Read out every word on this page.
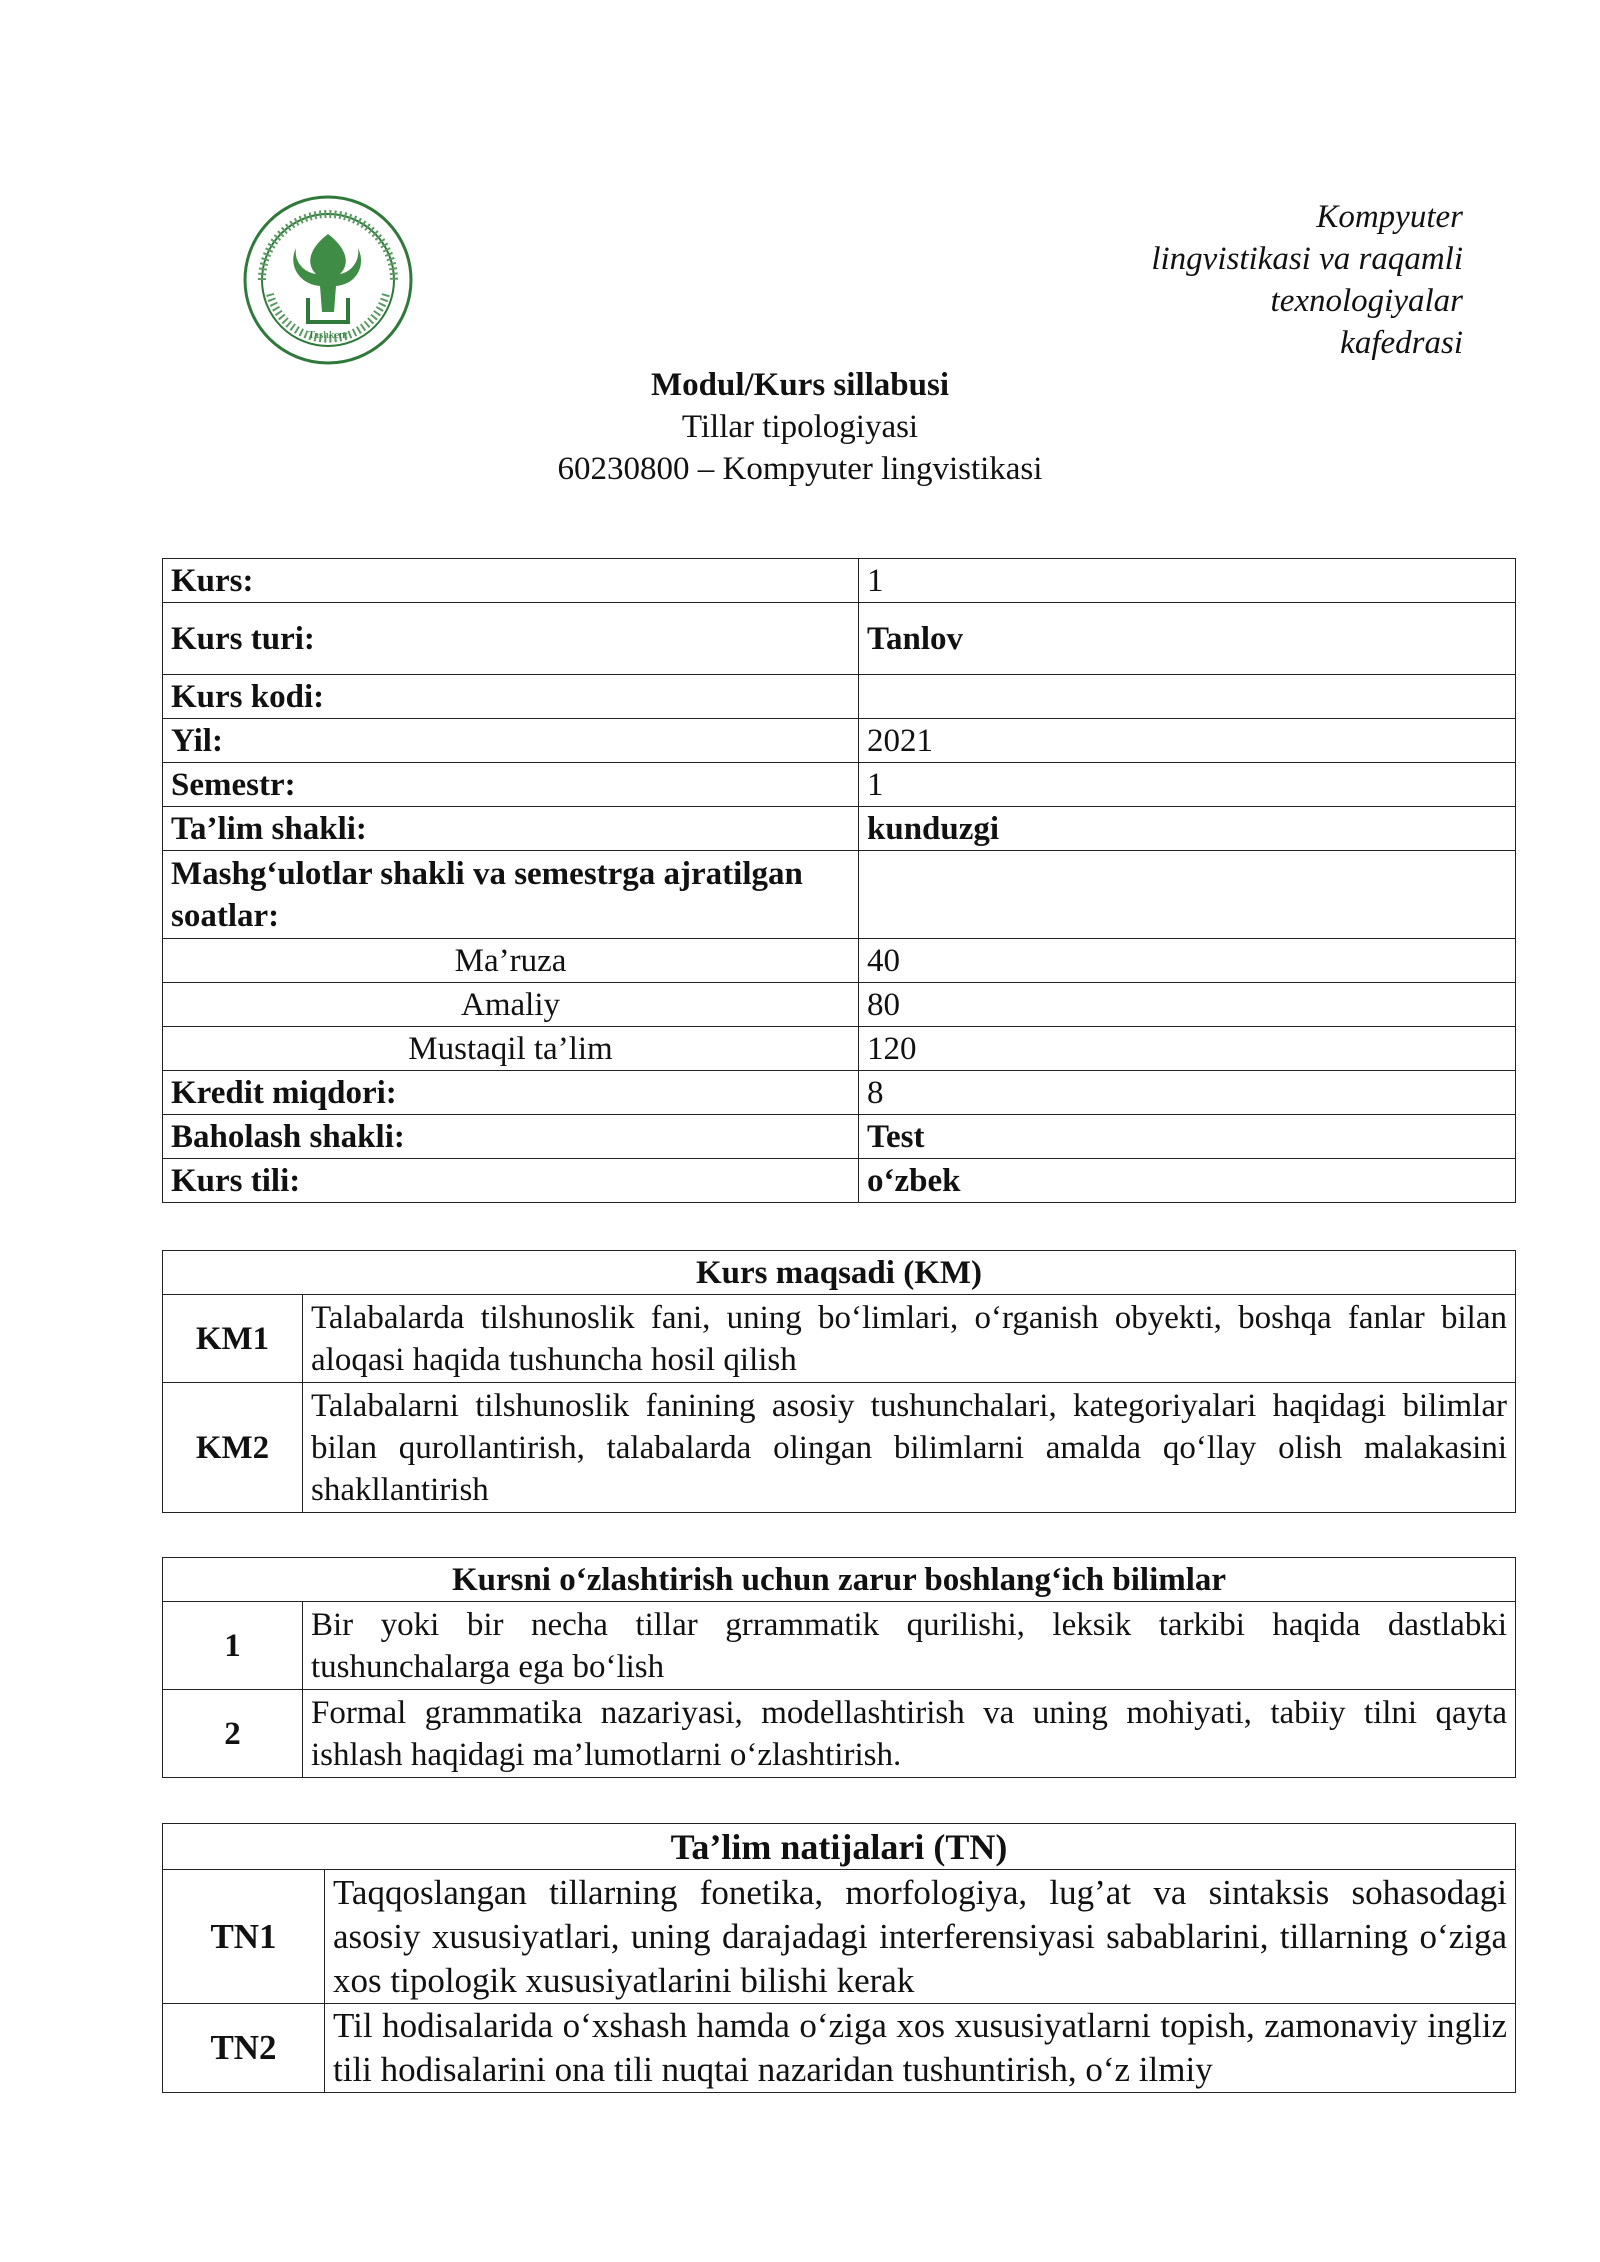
Tashkent
Kompyuter
lingvistikasi va raqamli
texnologiyalar
kafedrasi
Modul/Kurs sillabusi
Tillar tipologiyasi
60230800 – Kompyuter lingvistikasi
Kurs:	1
Kurs turi:	Tanlov
Kurs kodi:	
Yil:	2021
Semestr:	1
Ta’lim shakli:	kunduzgi
Mashg‘ulotlar shakli va semestrga ajratilgan soatlar:	
Ma’ruza	40
Amaliy	80
Mustaqil ta’lim	120
Kredit miqdori:	8
Baholash shakli:	Test
Kurs tili:	o‘zbek
Kurs maqsadi (KM)	
KM1	Talabalarda tilshunoslik fani, uning bo‘limlari, o‘rganish obyekti, boshqa fanlar bilan aloqasi haqida tushuncha hosil qilish
KM2	Talabalarni tilshunoslik fanining asosiy tushunchalari, kategoriyalari haqidagi bilimlar bilan qurollantirish, talabalarda olingan bilimlarni amalda qo‘llay olish malakasini shakllantirish
Kursni o‘zlashtirish uchun zarur boshlang‘ich bilimlar	
1	Bir yoki bir necha tillar grrammatik qurilishi, leksik tarkibi haqida dastlabki tushunchalarga ega bo‘lish
2	Formal grammatika nazariyasi, modellashtirish va uning mohiyati, tabiiy tilni qayta ishlash haqidagi ma’lumotlarni o‘zlashtirish.
Ta’lim natijalari (TN)	
TN1	Taqqoslangan tillarning fonetika, morfologiya, lug’at va sintaksis sohasodagi asosiy xususiyatlari, uning darajadagi interferensiyasi sabablarini, tillarning o‘ziga xos tipologik xususiyatlarini bilishi kerak
TN2	Til hodisalarida o‘xshash hamda o‘ziga xos xususiyatlarni topish, zamonaviy ingliz tili hodisalarini ona tili nuqtai nazaridan tushuntirish, o‘z ilmiy
